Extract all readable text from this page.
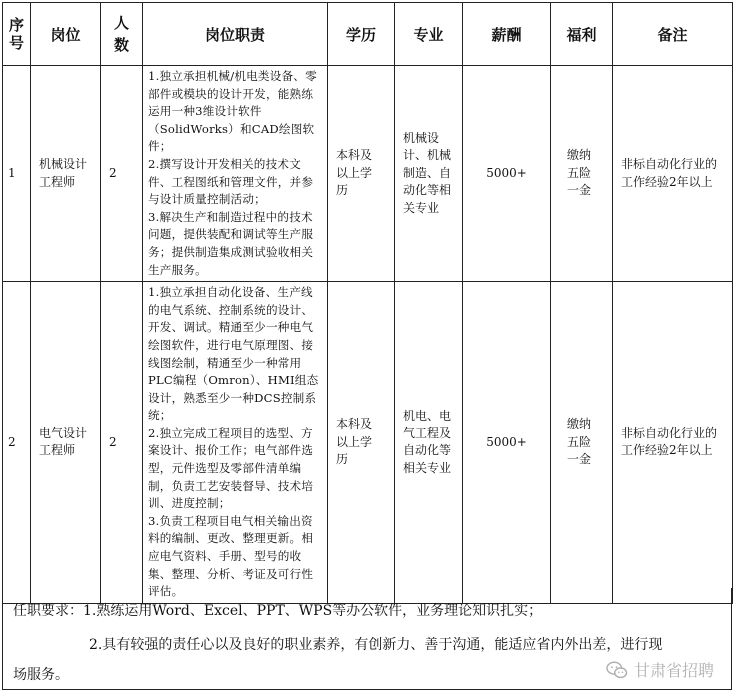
序号	岗位	人数	岗位职责	学历	专业	薪酬	福利	备注
1	机械设计工程师	2	1.独立承担机械/机电类设备、零部件或模块的设计开发，能熟练运用一种3维设计软件（SolidWorks）和CAD绘图软件；
2.撰写设计开发相关的技术文件、工程图纸和管理文件，并参与设计质量控制活动；
3.解决生产和制造过程中的技术问题，提供装配和调试等生产服务；提供制造集成测试验收相关生产服务。	本科及以上学历	机械设计、机械制造、自动化等相关专业	5000+	缴纳五险一金	非标自动化行业的工作经验2年以上
2	电气设计工程师	2	1.独立承担自动化设备、生产线的电气系统、控制系统的设计、开发、调试。精通至少一种电气绘图软件，进行电气原理图、接线图绘制，精通至少一种常用PLC编程（Omron）、HMI组态设计，熟悉至少一种DCS控制系统；
2.独立完成工程项目的选型、方案设计、报价工作；电气部件选型，元件选型及零部件清单编制，负责工艺安装督导、技术培训、进度控制；
3.负责工程项目电气相关输出资料的编制、更改、整理更新。相应电气资料、手册、型号的收集、整理、分析、考证及可行性评估。	本科及以上学历	机电、电气工程及自动化等相关专业	5000+	缴纳五险一金	非标自动化行业的工作经验2年以上
任职要求：1.熟练运用Word、Excel、PPT、WPS等办公软件，业务理论知识扎实；
2.具有较强的责任心以及良好的职业素养，有创新力、善于沟通，能适应省内外出差，进行现
场服务。	甘肃省招聘
